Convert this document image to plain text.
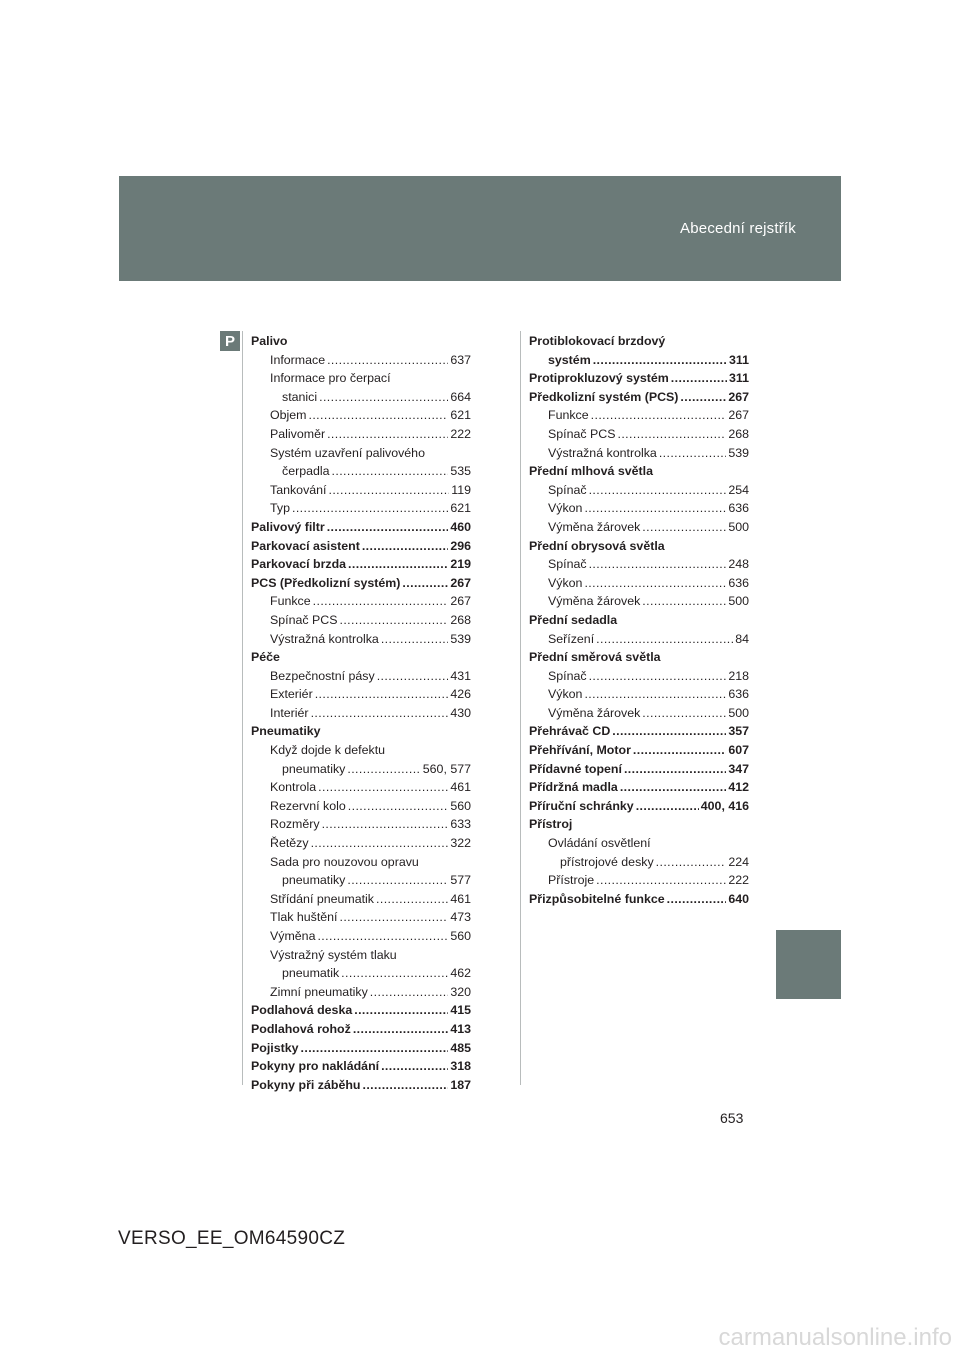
Abecední rejstřík
P	Palivo
Informace .....	637
Informace pro čerpací
stanici .....	664
Objem .....	621
Palivoměr .....	222
Systém uzavření palivového
čerpadla .....	535
Tankování .....	119
Typ .....	621
Palivový filtr .....	460
Parkovací asistent .....	296
Parkovací brzda .....	219
PCS (Předkolizní systém) .....	267
Funkce .....	267
Spínač PCS .....	268
Výstražná kontrolka .....	539
Péče
Bezpečnostní pásy .....	431
Exteriér .....	426
Interiér .....	430
Pneumatiky
Když dojde k defektu
pneumatiky .....	560, 577
Kontrola .....	461
Rezervní kolo .....	560
Rozměry .....	633
Řetězy .....	322
Sada pro nouzovou opravu
pneumatiky .....	577
Střídání pneumatik .....	461
Tlak huštění .....	473
Výměna .....	560
Výstražný systém tlaku
pneumatik .....	462
Zimní pneumatiky .....	320
Podlahová deska .....	415
Podlahová rohož .....	413
Pojistky .....	485
Pokyny pro nakládání .....	318
Pokyny při záběhu .....	187
Protiblokovací brzdový
systém .....	311
Protiprokluzový systém .....	311
Předkolizní systém (PCS) .....	267
Funkce .....	267
Spínač PCS .....	268
Výstražná kontrolka .....	539
Přední mlhová světla
Spínač .....	254
Výkon .....	636
Výměna žárovek .....	500
Přední obrysová světla
Spínač .....	248
Výkon .....	636
Výměna žárovek .....	500
Přední sedadla
Seřízení .....	84
Přední směrová světla
Spínač .....	218
Výkon .....	636
Výměna žárovek .....	500
Přehrávač CD .....	357
Přehřívání, Motor .....	607
Přídavné topení .....	347
Přídržná madla .....	412
Příruční schránky .....	400, 416
Přístroj
Ovládání osvětlení
přístrojové desky .....	224
Přístroje .....	222
Přizpůsobitelné funkce .....	640
653
VERSO_EE_OM64590CZ
carmanualsonline.info
